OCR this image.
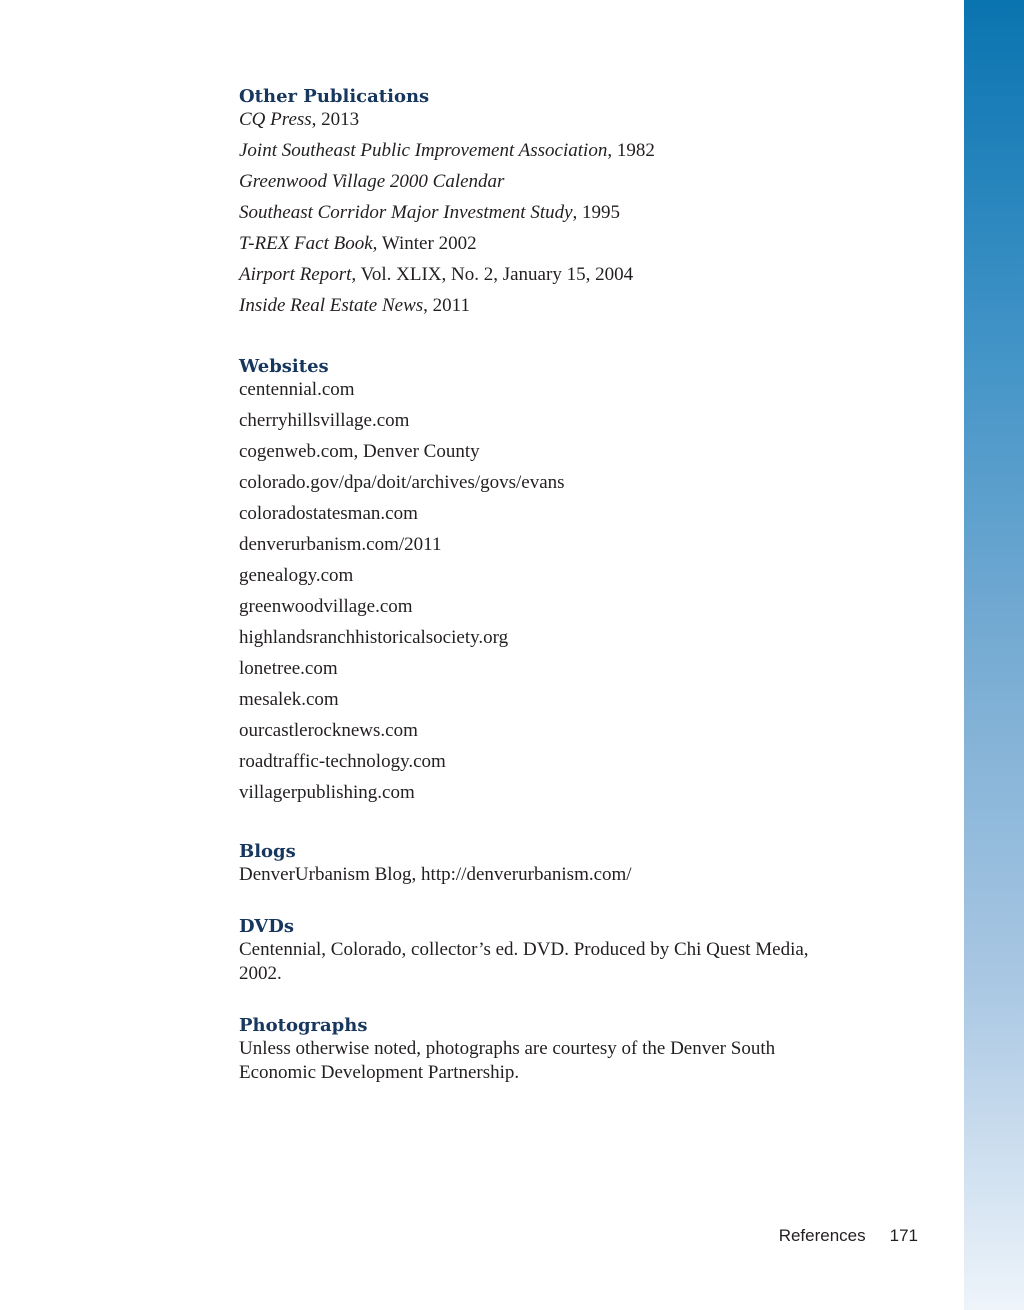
Other Publications

CQ Press, 2013

Joint Southeast Public Improvement Association, 1982

Greenwood Village 2000 Calendar

Southeast Corridor Major Investment Study, 1995

T-REX Fact Book, Winter 2002

Airport Report, Vol. XLIX, No. 2, January 15, 2004

Inside Real Estate News, 2011

Websites

centennial.com

cherryhillsvillage.com

cogenweb.com, Denver County

colorado.gov/dpa/doit/archives/govs/evans

coloradostatesman.com

denverurbanism.com/2011

genealogy.com

greenwoodvillage.com

highlandsranchhistoricalsociety.org

lonetree.com

mesalek.com

ourcastlerocknews.com

roadtraffic-technology.com

villagerpublishing.com

Blogs

DenverUrbanism Blog, http://denverurbanism.com/

DVDs

Centennial, Colorado, collector’s ed. DVD. Produced by Chi Quest Media, 2002.

Photographs

Unless otherwise noted, photographs are courtesy of the Denver South Economic Development Partnership.

References 171
